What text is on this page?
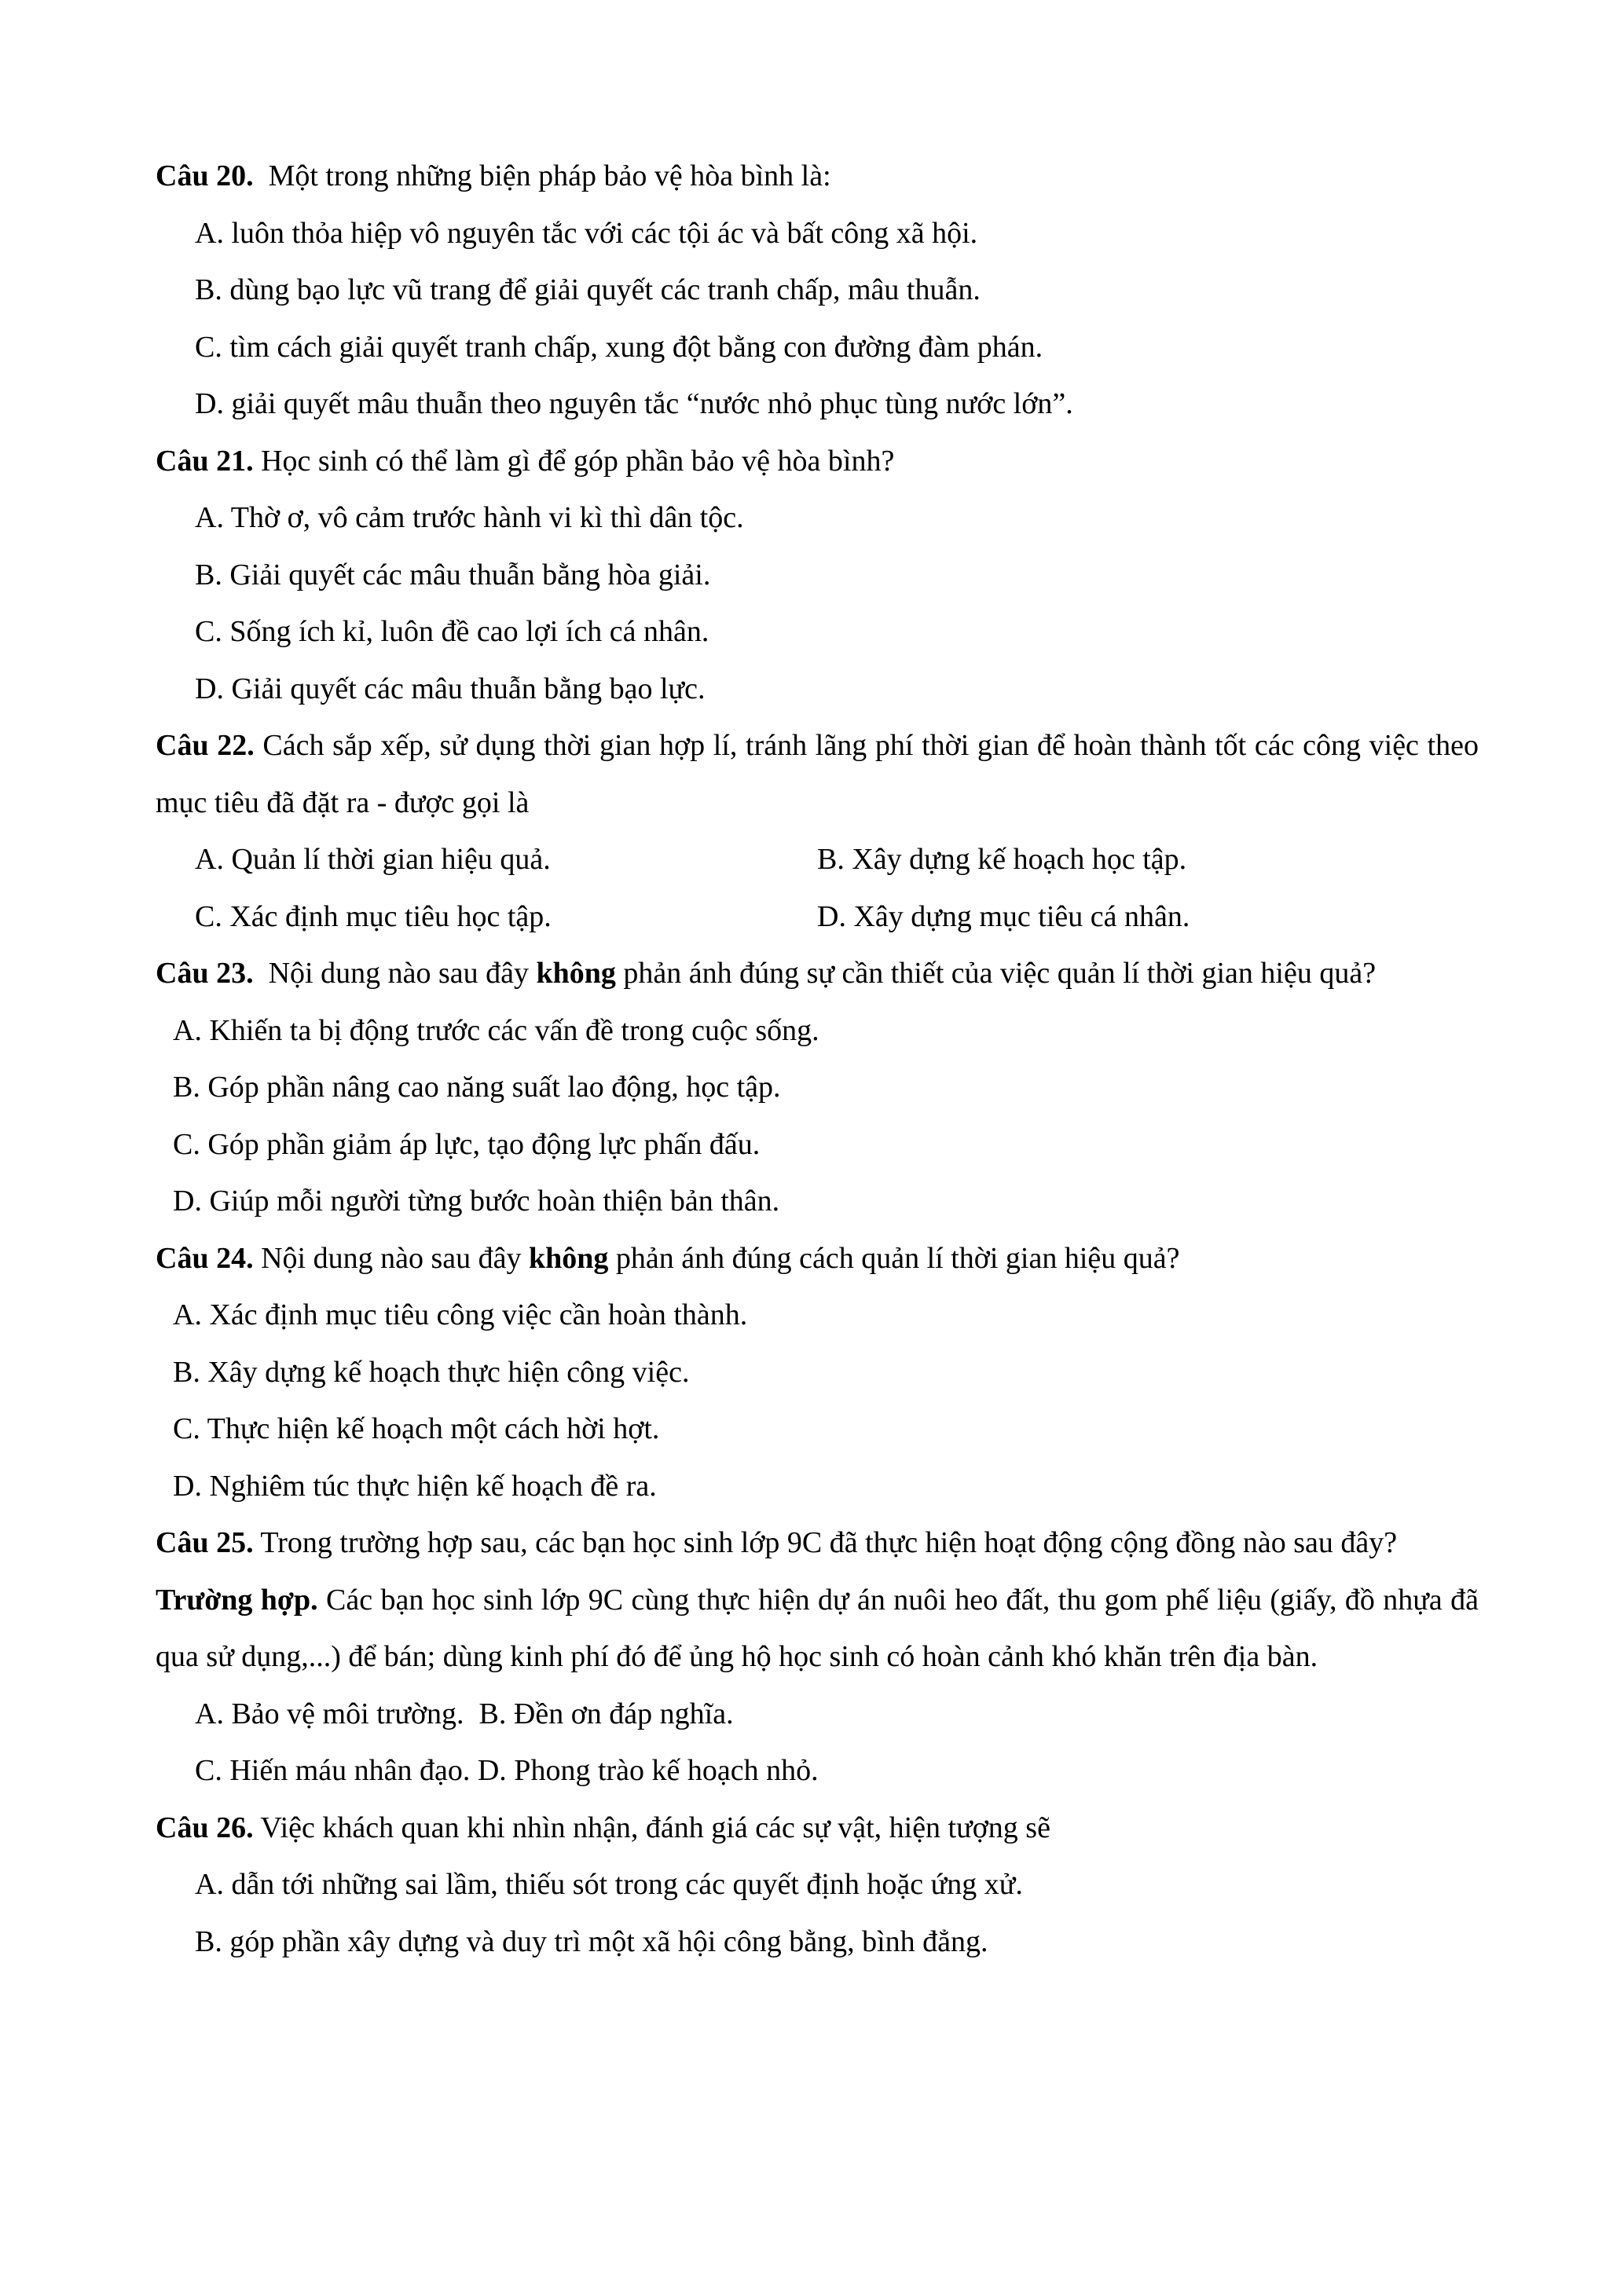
Câu 20. Một trong những biện pháp bảo vệ hòa bình là:
A. luôn thỏa hiệp vô nguyên tắc với các tội ác và bất công xã hội.
B. dùng bạo lực vũ trang để giải quyết các tranh chấp, mâu thuẫn.
C. tìm cách giải quyết tranh chấp, xung đột bằng con đường đàm phán.
D. giải quyết mâu thuẫn theo nguyên tắc “nước nhỏ phục tùng nước lớn”.
Câu 21. Học sinh có thể làm gì để góp phần bảo vệ hòa bình?
A. Thờ ơ, vô cảm trước hành vi kì thì dân tộc.
B. Giải quyết các mâu thuẫn bằng hòa giải.
C. Sống ích kỉ, luôn đề cao lợi ích cá nhân.
D. Giải quyết các mâu thuẫn bằng bạo lực.
Câu 22. Cách sắp xếp, sử dụng thời gian hợp lí, tránh lãng phí thời gian để hoàn thành tốt các công việc theo mục tiêu đã đặt ra - được gọi là
A. Quản lí thời gian hiệu quả.	B. Xây dựng kế hoạch học tập.
C. Xác định mục tiêu học tập.	D. Xây dựng mục tiêu cá nhân.
Câu 23. Nội dung nào sau đây không phản ánh đúng sự cần thiết của việc quản lí thời gian hiệu quả?
A. Khiến ta bị động trước các vấn đề trong cuộc sống.
B. Góp phần nâng cao năng suất lao động, học tập.
C. Góp phần giảm áp lực, tạo động lực phấn đấu.
D. Giúp mỗi người từng bước hoàn thiện bản thân.
Câu 24. Nội dung nào sau đây không phản ánh đúng cách quản lí thời gian hiệu quả?
A. Xác định mục tiêu công việc cần hoàn thành.
B. Xây dựng kế hoạch thực hiện công việc.
C. Thực hiện kế hoạch một cách hời hợt.
D. Nghiêm túc thực hiện kế hoạch đề ra.
Câu 25. Trong trường hợp sau, các bạn học sinh lớp 9C đã thực hiện hoạt động cộng đồng nào sau đây?
Trường hợp. Các bạn học sinh lớp 9C cùng thực hiện dự án nuôi heo đất, thu gom phế liệu (giấy, đồ nhựa đã qua sử dụng,...) để bán; dùng kinh phí đó để ủng hộ học sinh có hoàn cảnh khó khăn trên địa bàn.
A. Bảo vệ môi trường.  B. Đền ơn đáp nghĩa.
C. Hiến máu nhân đạo. D. Phong trào kế hoạch nhỏ.
Câu 26. Việc khách quan khi nhìn nhận, đánh giá các sự vật, hiện tượng sẽ
A. dẫn tới những sai lầm, thiếu sót trong các quyết định hoặc ứng xử.
B. góp phần xây dựng và duy trì một xã hội công bằng, bình đẳng.
